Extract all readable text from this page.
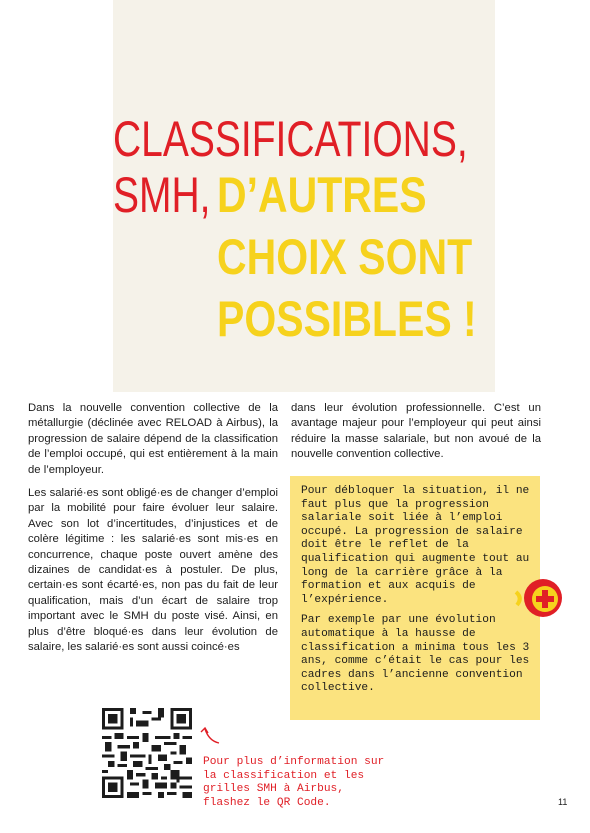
CLASSIFICATIONS,
SMH, D’AUTRES
CHOIX SONT
POSSIBLES !

Dans la nouvelle convention collective de la métallurgie (déclinée avec RELOAD à Airbus), la progression de salaire dépend de la classification de l’emploi occupé, qui est entièrement à la main de l’employeur.

Les salarié·es sont obligé·es de changer d’emploi par la mobilité pour faire évoluer leur salaire. Avec son lot d’incertitudes, d’injustices et de colère légitime : les salarié·es sont mis·es en concurrence, chaque poste ouvert amène des dizaines de candidat·es à postuler. De plus, certain·es sont écarté·es, non pas du fait de leur qualification, mais d’un écart de salaire trop important avec le SMH du poste visé. Ainsi, en plus d’être bloqué·es dans leur évolution de salaire, les salarié·es sont aussi coincé·es

dans leur évolution professionnelle. C’est un avantage majeur pour l’employeur qui peut ainsi réduire la masse salariale, but non avoué de la nouvelle convention collective.

Pour débloquer la situation, il ne faut plus que la progression salariale soit liée à l’emploi occupé. La progression de salaire doit être le reflet de la qualification qui augmente tout au long de la carrière grâce à la formation et aux acquis de l’expérience.

Par exemple par une évolution automatique à la hausse de classification a minima tous les 3 ans, comme c’était le cas pour les cadres dans l’ancienne convention collective.

Pour plus d’information sur la classification et les grilles SMH à Airbus, flashez le QR Code.	11
